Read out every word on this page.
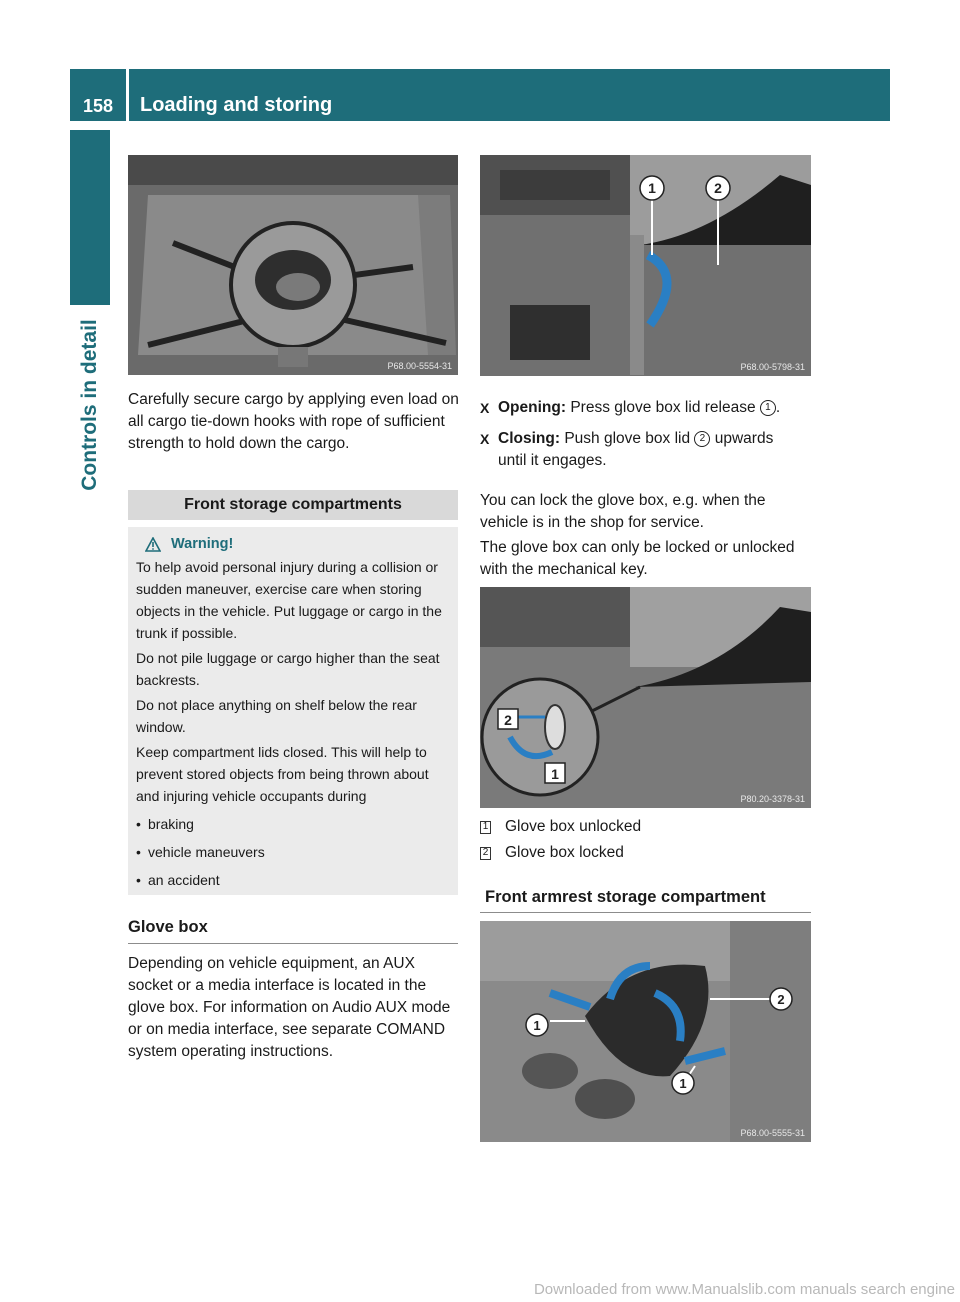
158	Loading and storing
Controls in detail	P68.00-5554-31

Carefully secure cargo by applying even load on all cargo tie-down hooks with rope of sufficient strength to hold down the cargo.

Front storage compartments
Warning!

To help avoid personal injury during a collision or sudden maneuver, exercise care when storing objects in the vehicle. Put luggage or cargo in the trunk if possible.

Do not pile luggage or cargo higher than the seat backrests.

Do not place anything on shelf below the rear window.

Keep compartment lids closed. This will help to prevent stored objects from being thrown about and injuring vehicle occupants during

• braking
• vehicle maneuvers
• an accident
Glove box

Depending on vehicle equipment, an AUX socket or a media interface is located in the glove box. For information on Audio AUX mode or on media interface, see separate COMAND system operating instructions.

1	2
P68.00-5798-31
X Opening: Press glove box lid release 1 .
X Closing: Push glove box lid 2 upwards until it engages.

You can lock the glove box, e.g. when the vehicle is in the shop for service.

The glove box can only be locked or unlocked with the mechanical key.

2
1
P80.20-3378-31
1 Glove box unlocked
2 Glove box locked
Front armrest storage compartment
1
2
1
P68.00-5555-31
Downloaded from www.Manualslib.com manuals search engine
